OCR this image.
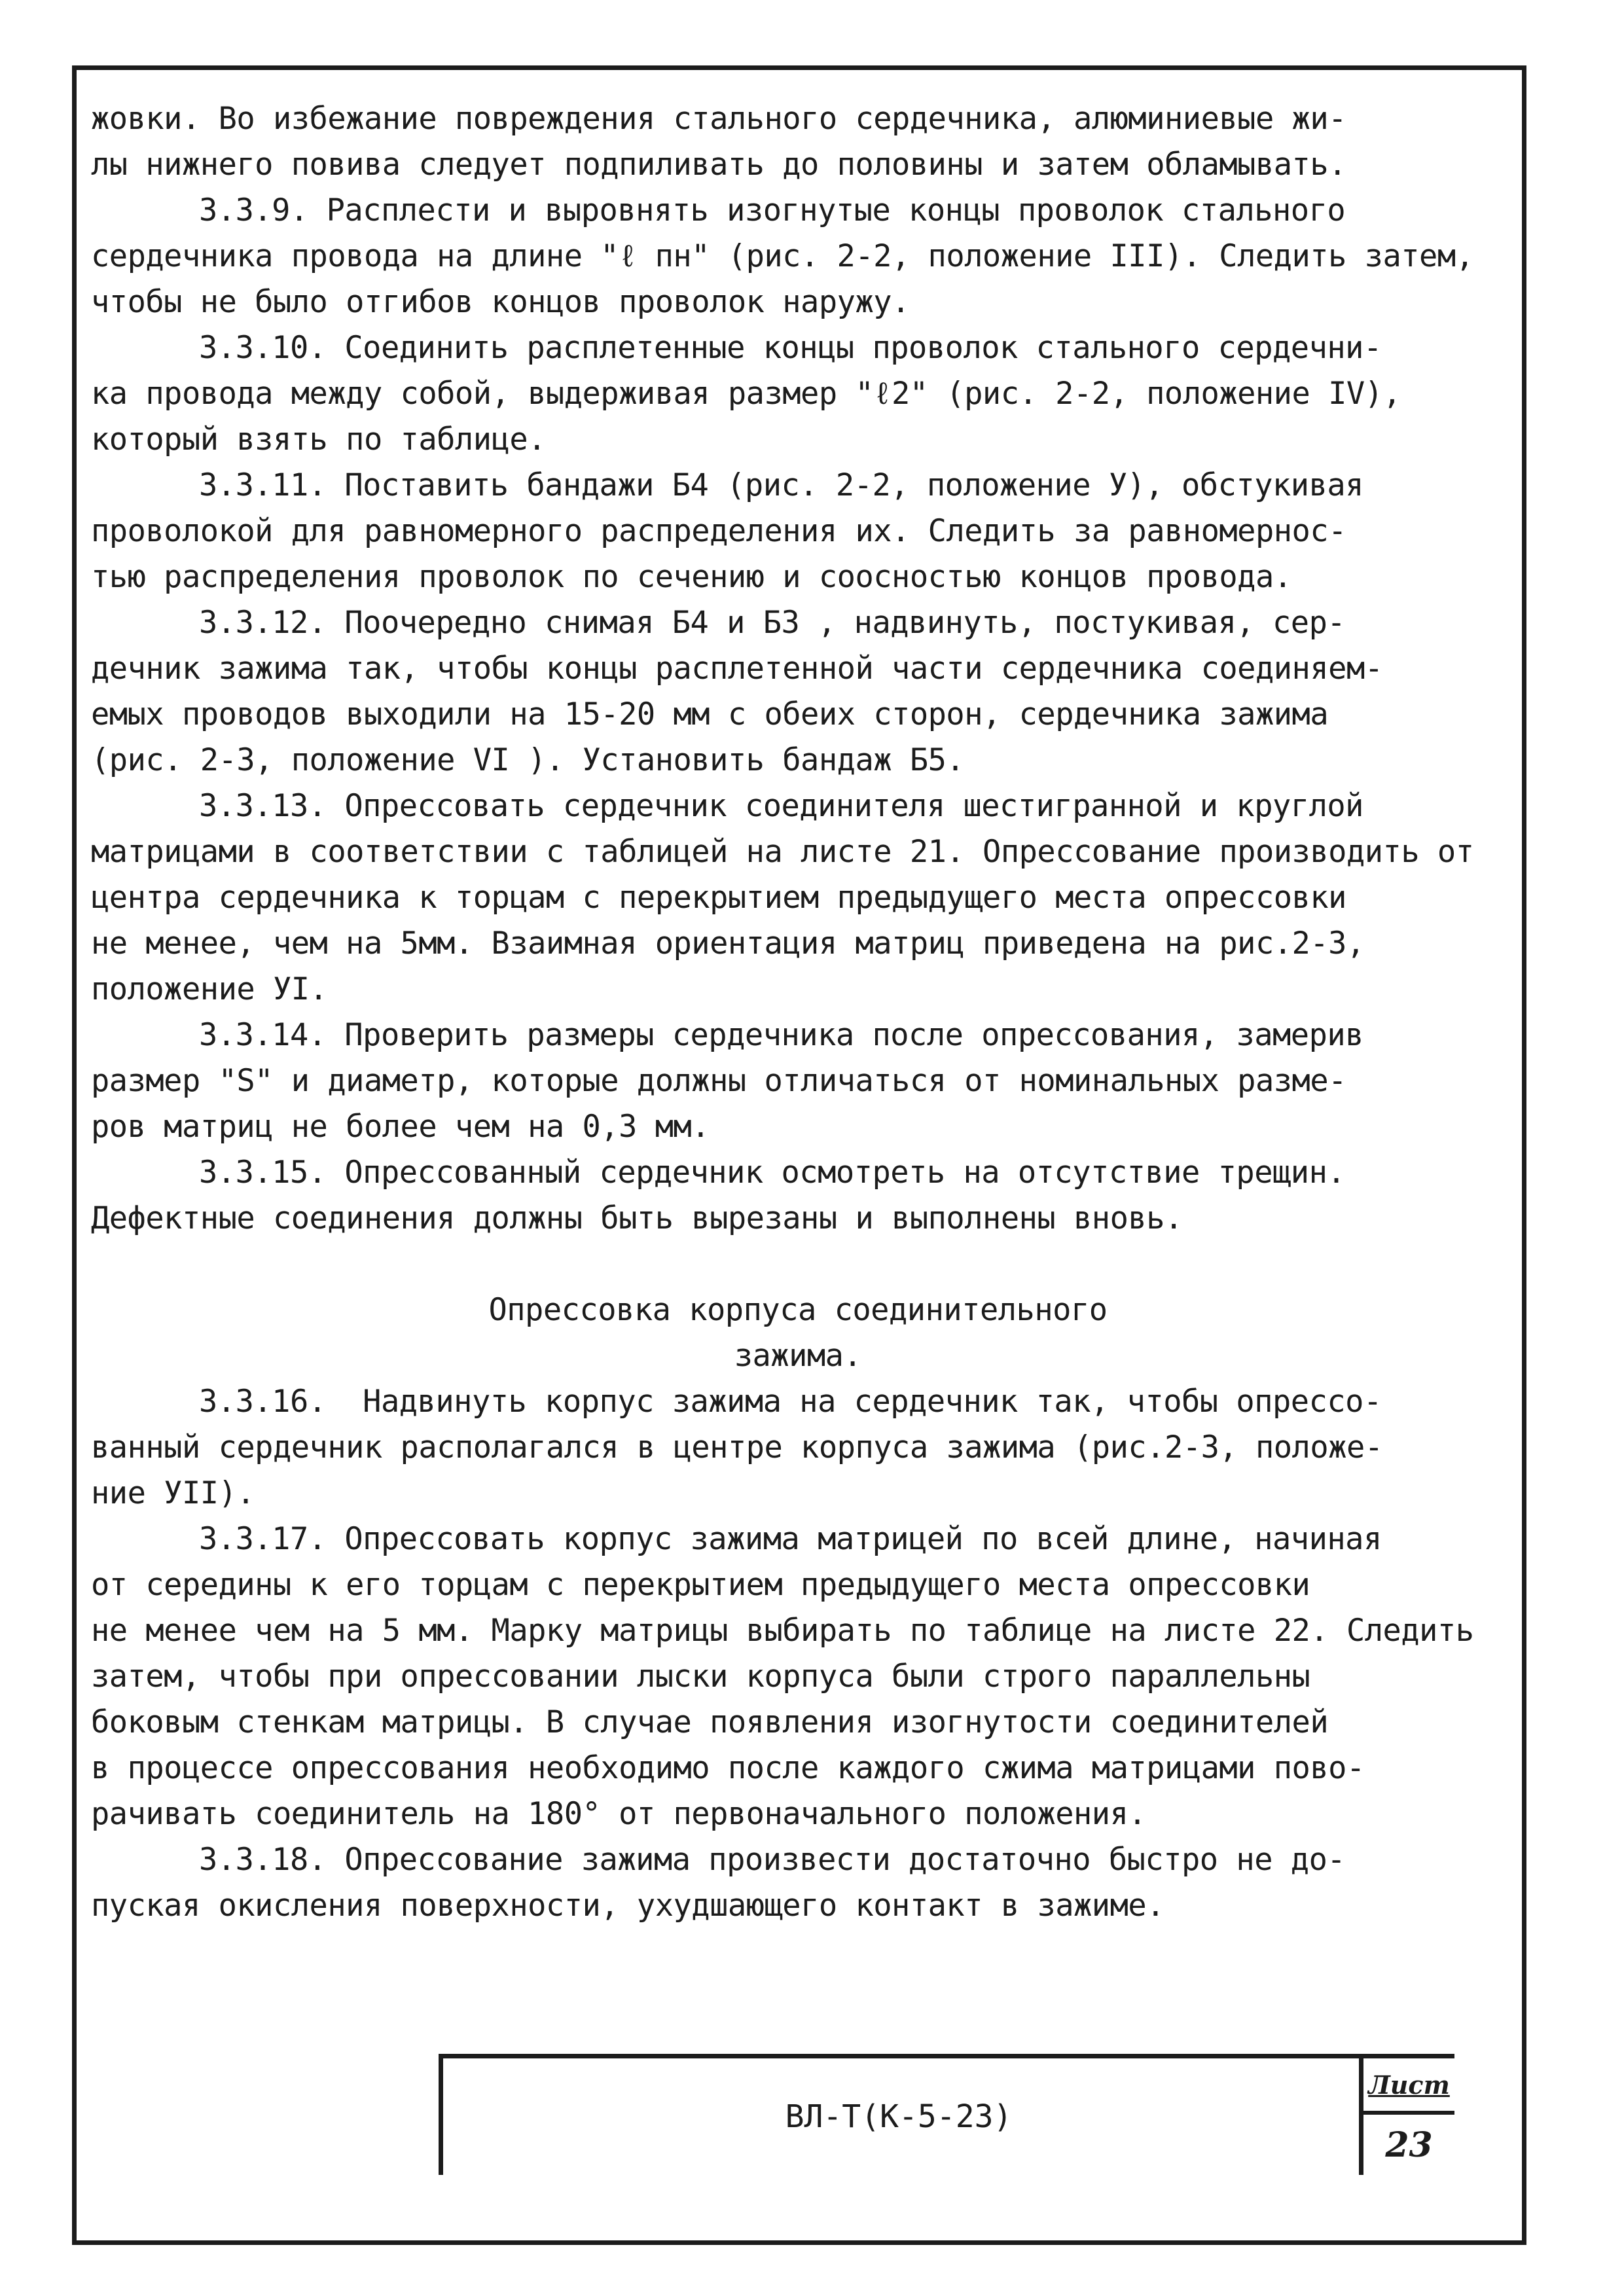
жовки. Во избежание повреждения стального сердечника, алюминиевые жи-
лы нижнего повива следует подпиливать до половины и затем обламывать.
3.3.9. Расплести и выровнять изогнутые концы проволок стального
сердечника провода на длине "ℓ пн" (рис. 2-2, положение III). Следить затем,
чтобы не было отгибов концов проволок наружу.
3.3.10. Соединить расплетенные концы проволок стального сердечни-
ка провода между собой, выдерживая размер "ℓ2" (рис. 2-2, положение IV),
который взять по таблице.
3.3.11. Поставить бандажи Б4 (рис. 2-2, положение У), обстукивая
проволокой для равномерного распределения их. Следить за равномернос-
тью распределения проволок по сечению и соосностью концов провода.
3.3.12. Поочередно снимая Б4 и Б3 , надвинуть, постукивая, сер-
дечник зажима так, чтобы концы расплетенной части сердечника соединяем-
емых проводов выходили на 15-20 мм с обеих сторон, сердечника зажима
(рис. 2-3, положение VI ). Установить бандаж Б5.
3.3.13. Опрессовать сердечник соединителя шестигранной и круглой
матрицами в соответствии с таблицей на листе 21. Опрессование производить от
центра сердечника к торцам с перекрытием предыдущего места опрессовки
не менее, чем на 5мм. Взаимная ориентация матриц приведена на рис.2-3,
положение УI.
3.3.14. Проверить размеры сердечника после опрессования, замерив
размер "S" и диаметр, которые должны отличаться от номинальных разме-
ров матриц не более чем на 0,3 мм.
3.3.15. Опрессованный сердечник осмотреть на отсутствие трещин.
Дефектные соединения должны быть вырезаны и выполнены вновь.
Опрессовка корпуса соединительного
зажима.
3.3.16.  Надвинуть корпус зажима на сердечник так, чтобы опрессо-
ванный сердечник располагался в центре корпуса зажима (рис.2-3, положе-
ние УII).
3.3.17. Опрессовать корпус зажима матрицей по всей длине, начиная
от середины к его торцам с перекрытием предыдущего места опрессовки
не менее чем на 5 мм. Марку матрицы выбирать по таблице на листе 22. Следить
затем, чтобы при опрессовании лыски корпуса были строго параллельны
боковым стенкам матрицы. В случае появления изогнутости соединителей
в процессе опрессования необходимо после каждого сжима матрицами пово-
рачивать соединитель на 180° от первоначального положения.
3.3.18. Опрессование зажима произвести достаточно быстро не до-
пуская окисления поверхности, ухудшающего контакт в зажиме.
ВЛ-Т(К-5-23)
Лист
23
